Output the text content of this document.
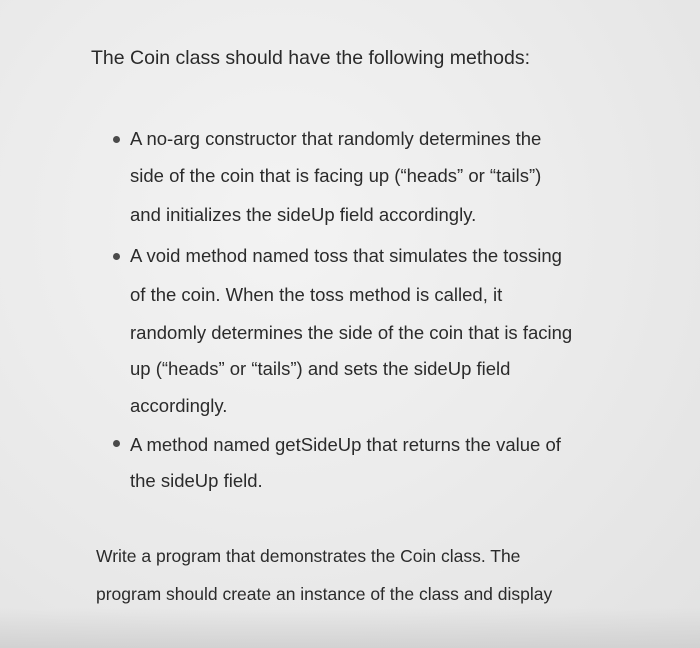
The Coin class should have the following methods:

A no-arg constructor that randomly determines the

side of the coin that is facing up (“heads” or “tails”)

and initializes the sideUp field accordingly.

A void method named toss that simulates the tossing

of the coin. When the toss method is called, it

randomly determines the side of the coin that is facing

up (“heads” or “tails”) and sets the sideUp field

accordingly.

A method named getSideUp that returns the value of

the sideUp field.

Write a program that demonstrates the Coin class. The

program should create an instance of the class and display
